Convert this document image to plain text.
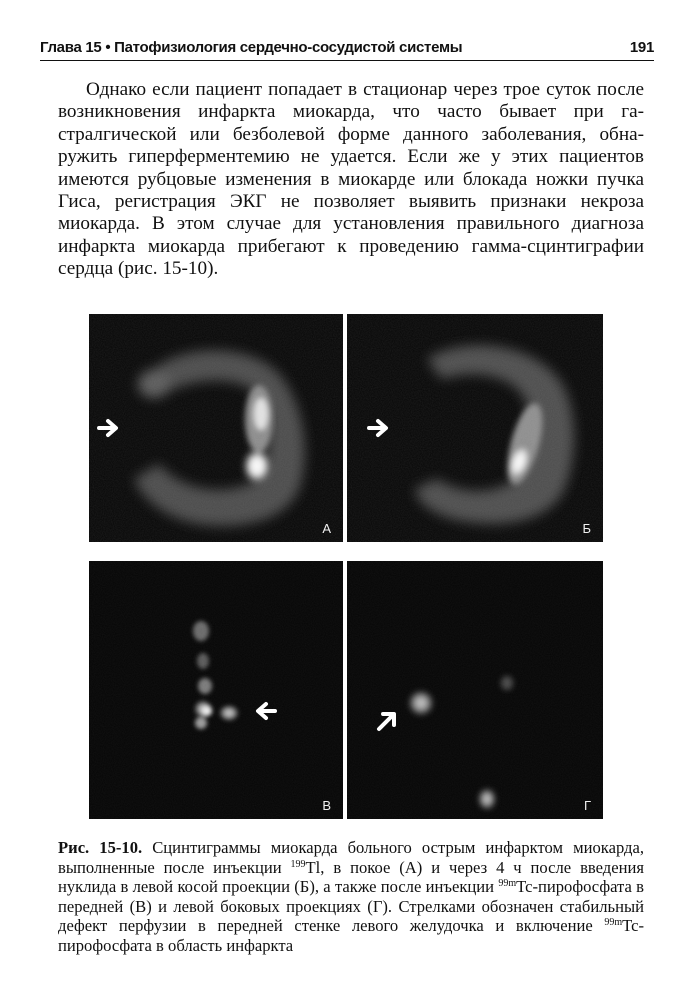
Глава 15 • Патофизиология сердечно-сосудистой системы	191

Однако если пациент попадает в стационар через трое суток после возникновения инфаркта миокарда, что часто бывает при гастралгической или безболевой форме данного заболевания, обнаружить гиперферментемию не удается. Если же у этих пациентов имеются рубцовые изменения в миокарде или блокада ножки пучка Гиса, регистрация ЭКГ не позволяет выявить признаки некроза миокарда. В этом случае для установления правильного диагноза инфаркта миокарда прибегают к проведению гамма-сцинтиграфии сердца (рис. 15-10).

А	Б
В	Г

Рис. 15-10. Сцинтиграммы миокарда больного острым инфарктом миокарда, выполненные после инъекции $^{199}$Tl, в покое (А) и через 4 ч после введения нуклида в левой косой проекции (Б), а также после инъекции $^{99m}$Tc-пирофосфата в передней (В) и левой боковых проекциях (Г). Стрелками обозначен стабильный дефект перфузии в передней стенке левого желудочка и включение $^{99m}$Tc-пирофосфата в область инфаркта
